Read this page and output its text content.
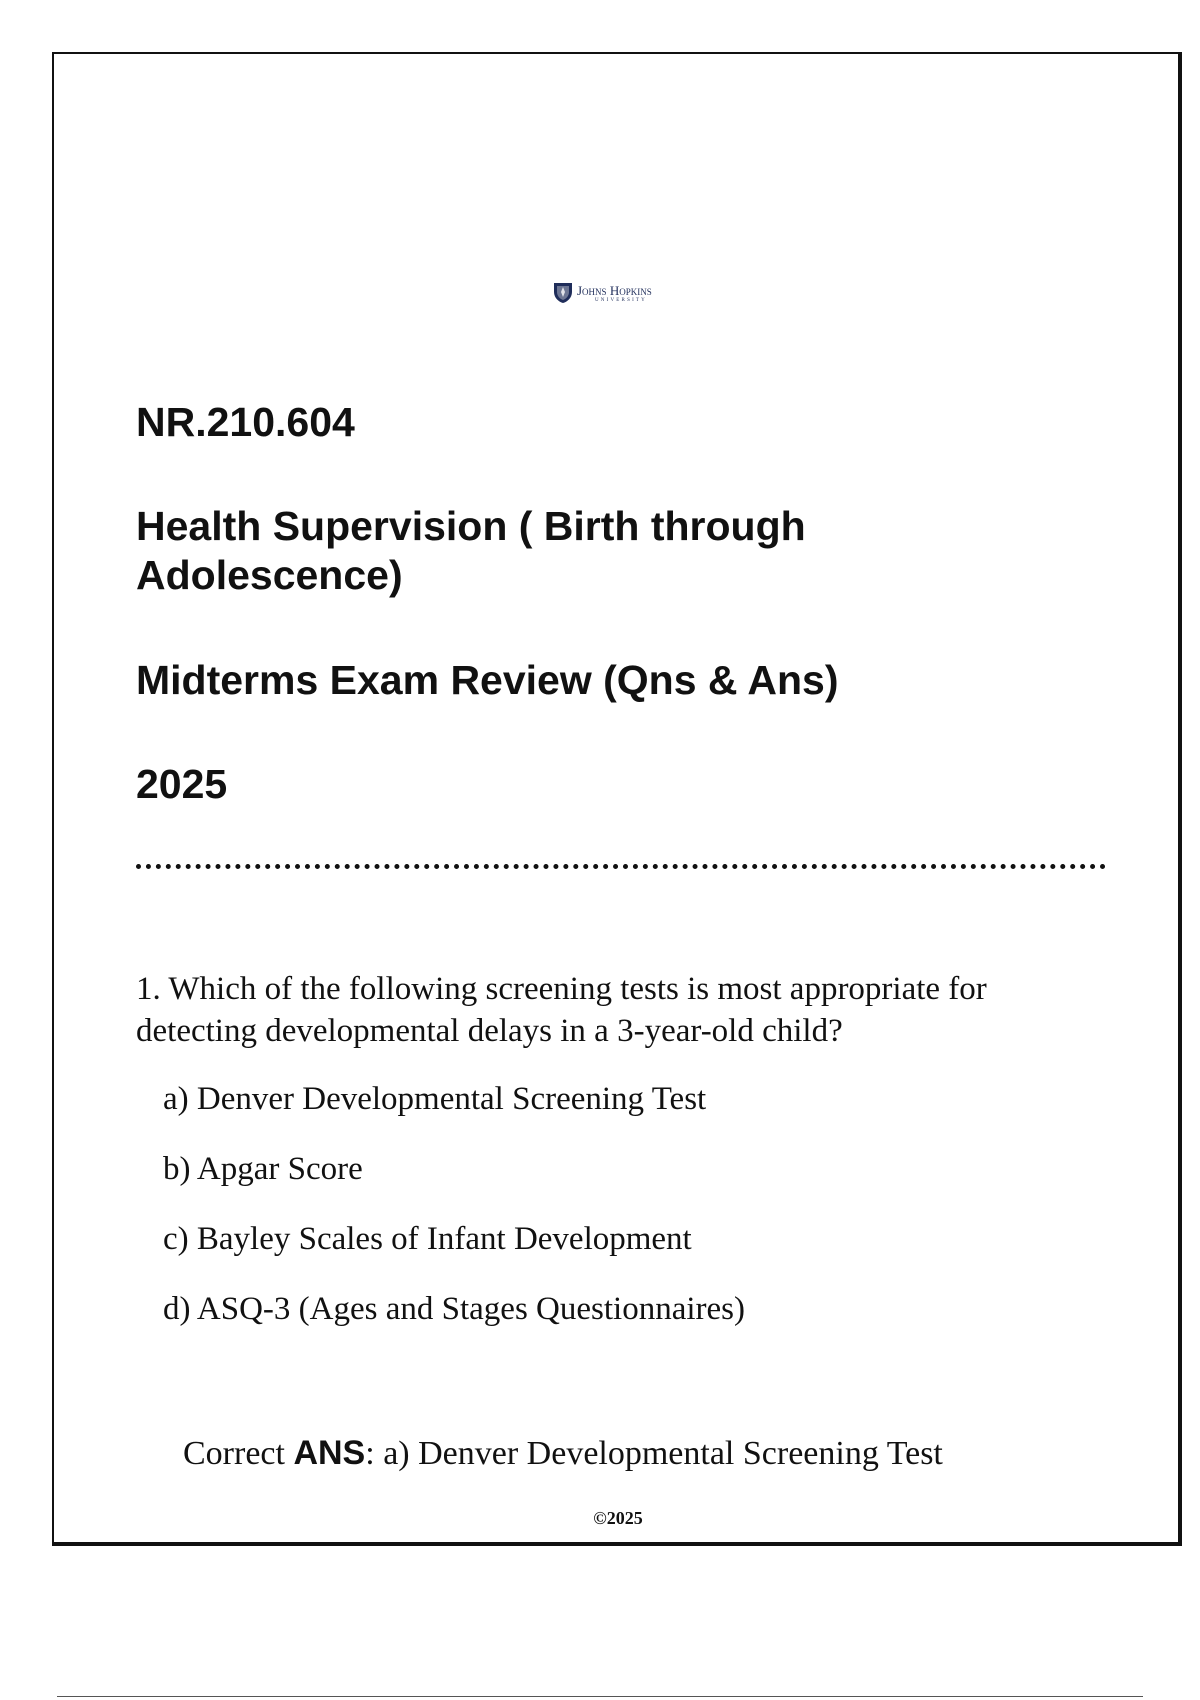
Johns Hopkins
UNIVERSITY
NR.210.604
Health Supervision ( Birth through Adolescence)
Midterms Exam Review (Qns & Ans)
2025

1. Which of the following screening tests is most appropriate for detecting developmental delays in a 3-year-old child?

a) Denver Developmental Screening Test
b) Apgar Score
c) Bayley Scales of Infant Development
d) ASQ-3 (Ages and Stages Questionnaires)
Correct ANS: a) Denver Developmental Screening Test
©2025
